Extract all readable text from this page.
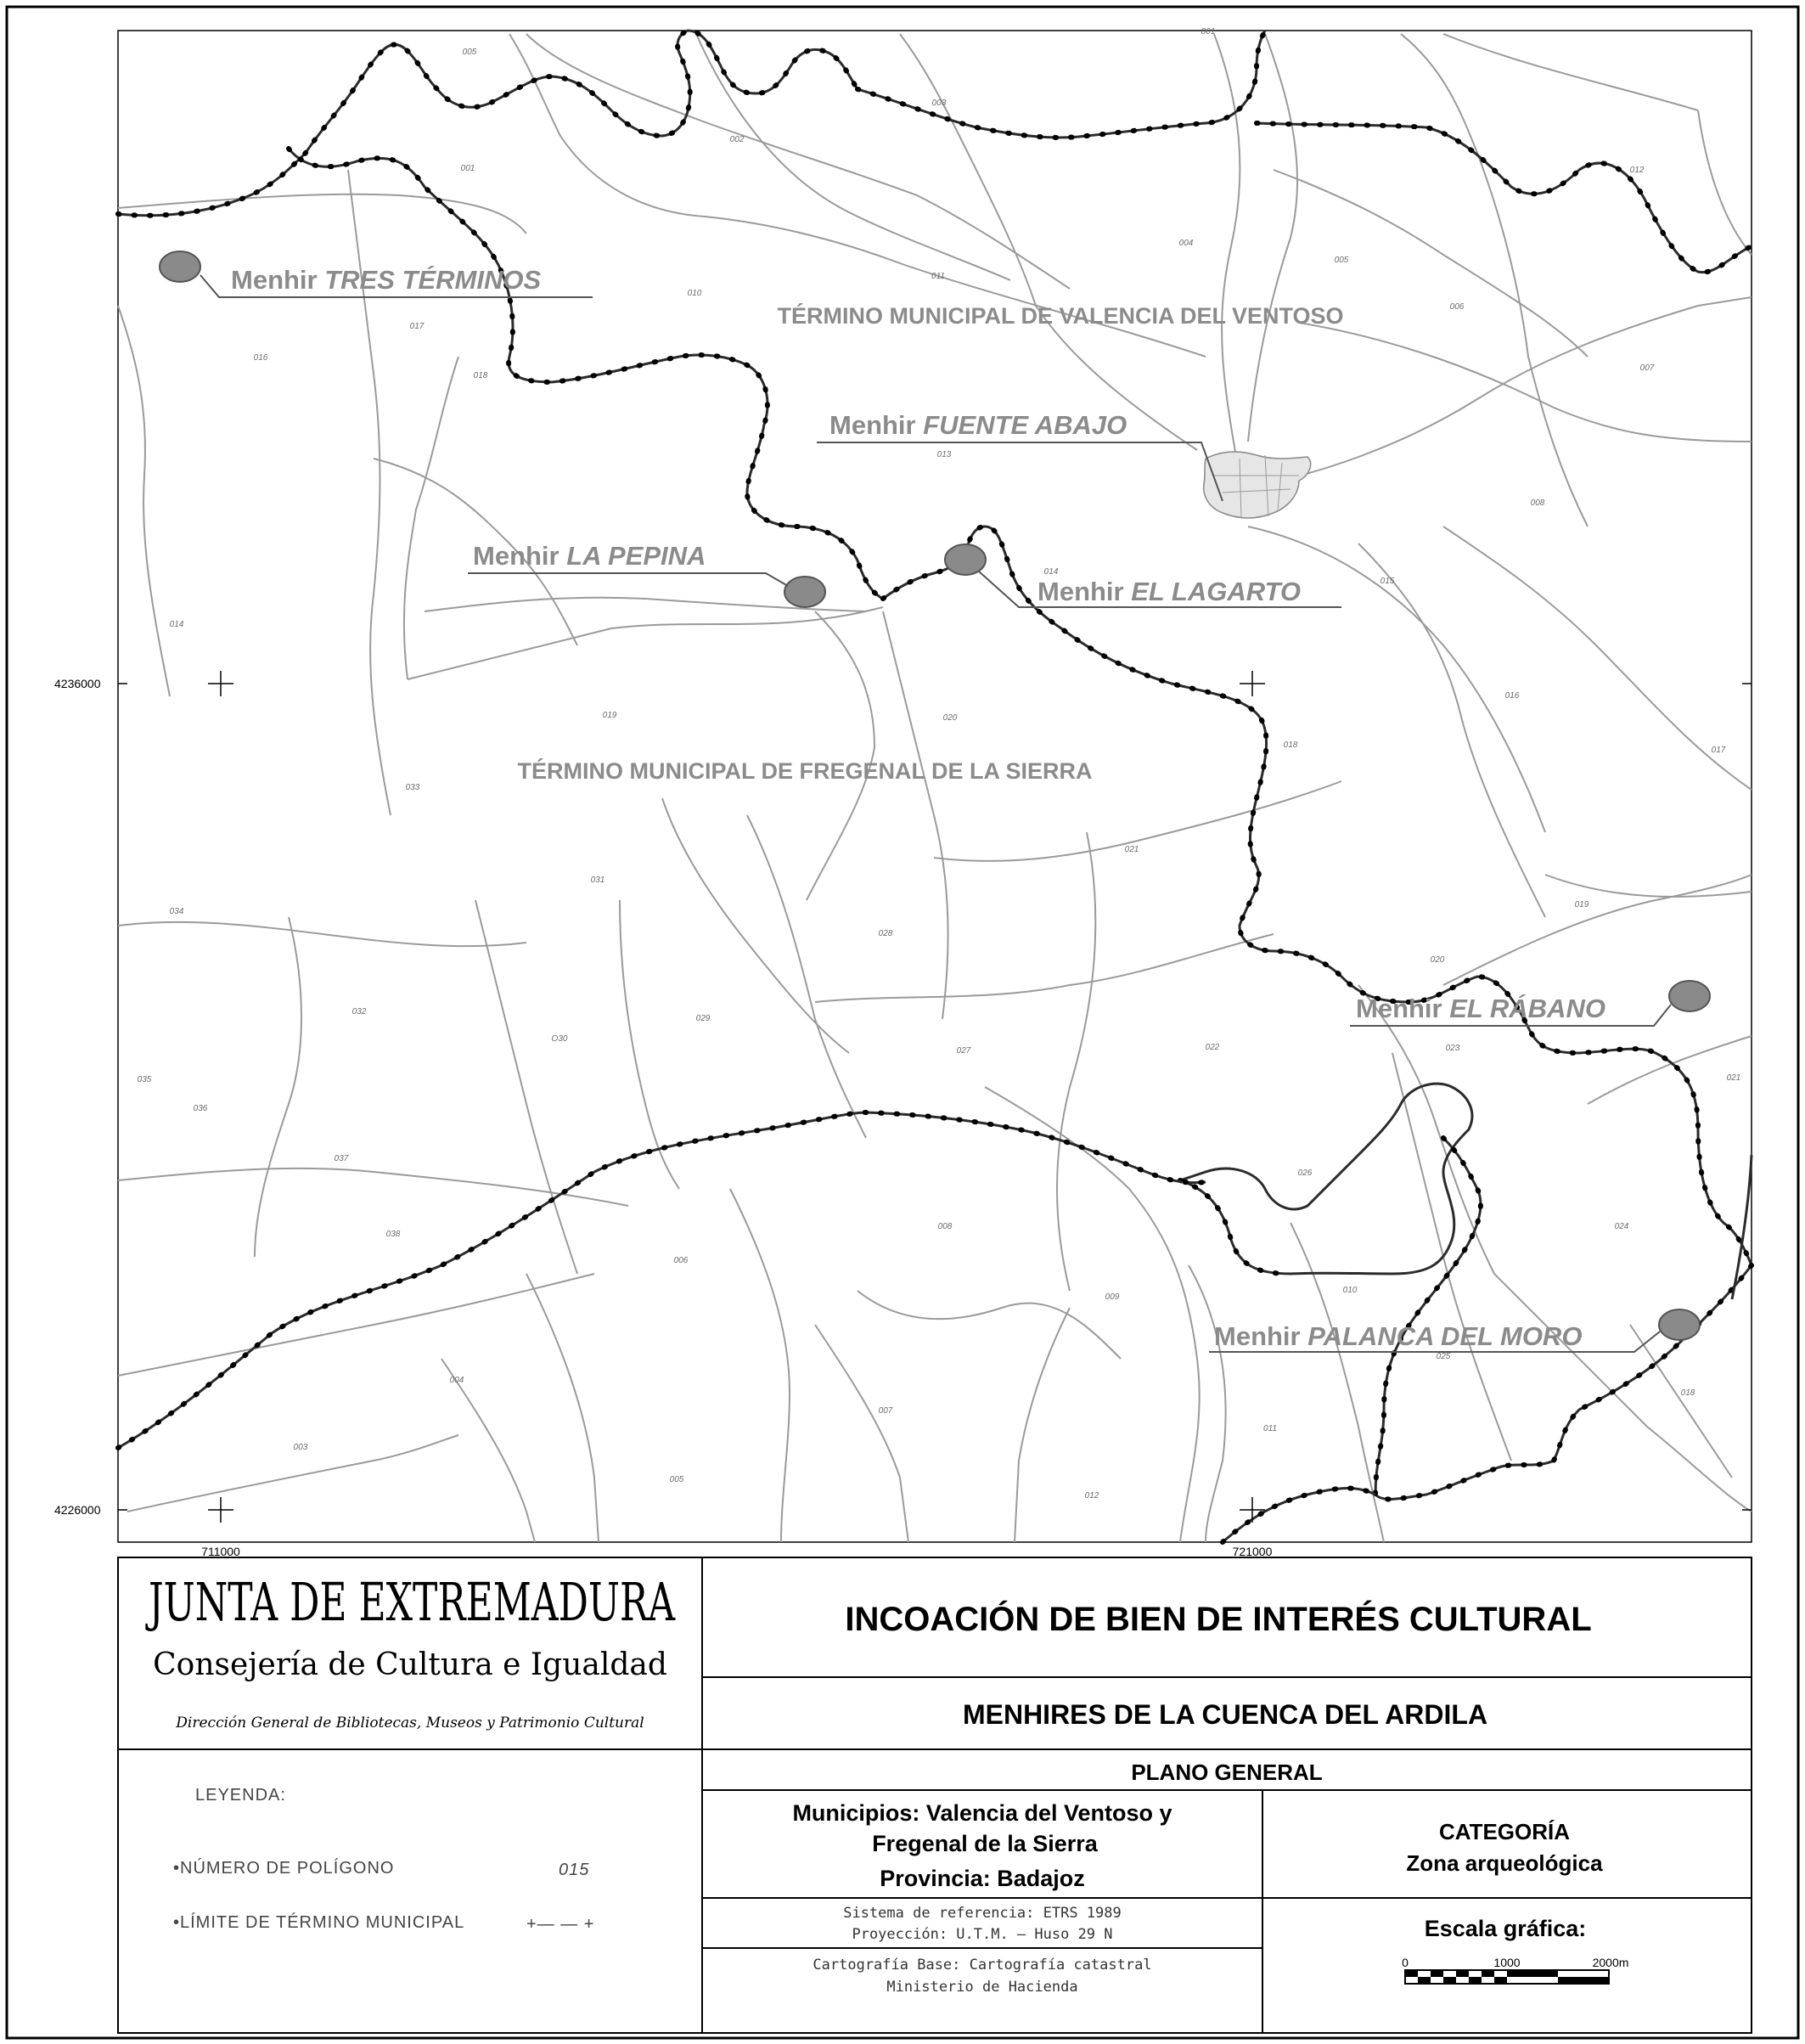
TÉRMINO MUNICIPAL DE VALENCIA DEL VENTOSO
TÉRMINO MUNICIPAL DE FREGENAL DE LA SIERRA
005
001
003
002
001
012
004
005
011
010
006
017
016
018
007
013
008
014
014
015
016
019	020
033
018
017
031
021
034
028
019
032
O30
029
020
027	022	023
035
036
021
037
026
038
008	024
006
010
009
004
025
007
018
003
011
005
012
Menhir TRES TÉRMINOS
Menhir FUENTE ABAJO
Menhir LA PEPINA
Menhir EL LAGARTO
Menhir EL RÁBANO
Menhir PALANCA DEL MORO
4236000
4226000
711000	721000
JUNTA DE EXTREMADURA
Consejería de Cultura e Igualdad
Dirección General de Bibliotecas, Museos y Patrimonio Cultural
LEYENDA:
•NÚMERO DE POLÍGONO	015
•LÍMITE DE TÉRMINO MUNICIPAL	+— — +
INCOACIÓN DE BIEN DE INTERÉS CULTURAL
MENHIRES DE LA CUENCA DEL ARDILA
PLANO GENERAL
Municipios: Valencia del Ventoso y
Fregenal de la Sierra
Provincia: Badajoz
CATEGORÍA
Zona arqueológica
Sistema de referencia: ETRS 1989
Proyección: U.T.M. — Huso 29 N
Cartografía Base: Cartografía catastral
Ministerio de Hacienda
Escala gráfica:
0	1000	2000m
